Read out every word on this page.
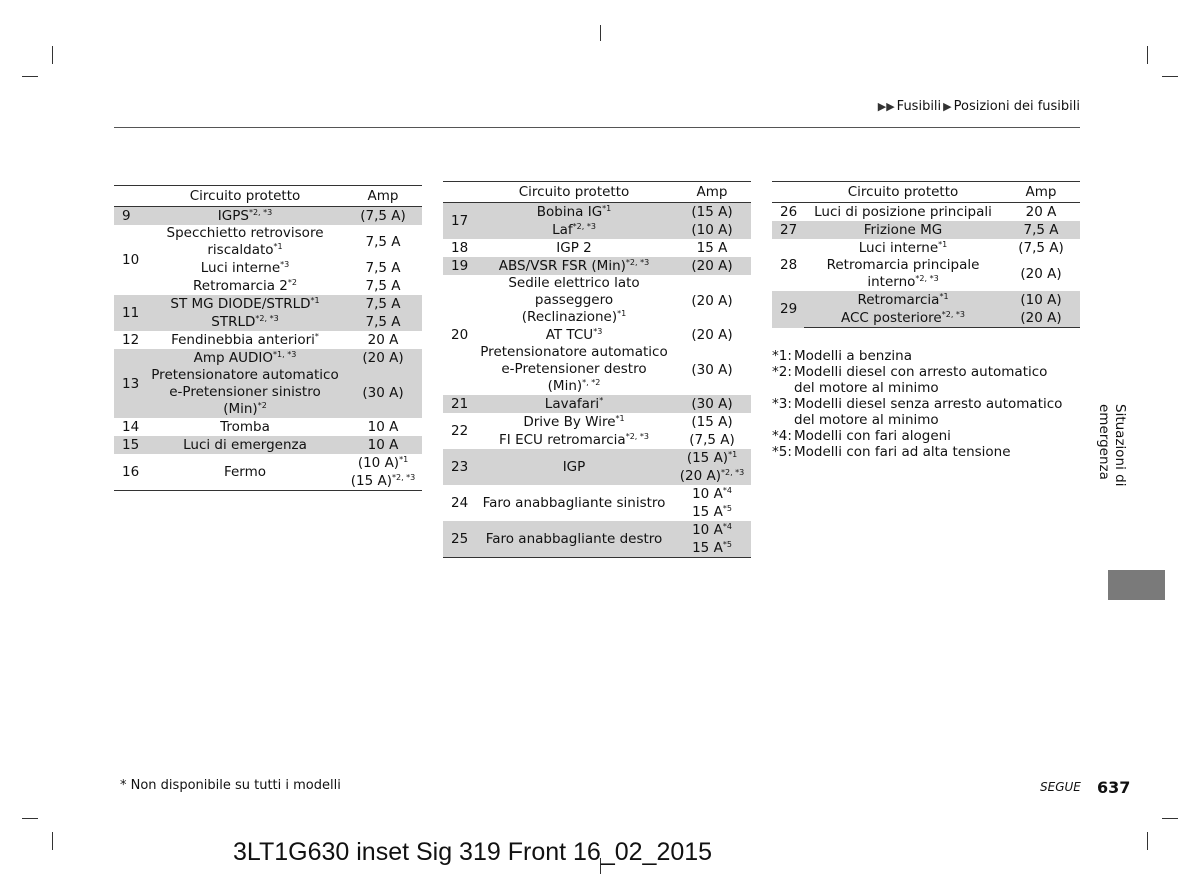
▶▶ Fusibili ▶ Posizioni dei fusibili
	Circuito protetto	Amp
9	$IGPS^{*2, *3}$	(7,5 A)
10	Specchietto retrovisore riscaldato$^{*1}$	7,5 A
	Luci interne$^{*3}$	7,5 A
	Retromarcia 2$^{*2}$	7,5 A
11	ST MG DIODE/STRLD$^{*1}$	7,5 A
	$STRLD^{*2, *3}$	7,5 A
12	Fendinebbia anteriori*	20 A
13	Amp $AUDIO^{*1, *3}$	(20 A)
	Pretensionatore automatico e-Pretensioner sinistro (Min)$^{*2}$	(30 A)
14	Tromba	10 A
15	Luci di emergenza	10 A
16	Fermo	(10 A)$^{*1}$
(15 A)$^{*2, *3}$
	Circuito protetto	Amp
17	Bobina IG$^{*1}$	(15 A)
	Laf$^{*2, *3}$	(10 A)
18	IGP 2	15 A
19	ABS/VSR FSR (Min)$^{*2, *3}$	(20 A)
20	Sedile elettrico lato passeggero (Reclinazione)$^{*1}$	(20 A)
	AT TCU$^{*3}$	(20 A)
	Pretensionatore automatico e-Pretensioner destro (Min)$^{*, *2}$	(30 A)
21	Lavafari*	(30 A)
22	Drive By Wire$^{*1}$	(15 A)
	FI ECU retromarcia$^{*2, *3}$	(7,5 A)
23	IGP	(15 A)$^{*1}$
(20 A)$^{*2, *3}$
24	Faro anabbagliante sinistro	10 $A^{*4}$
15 $A^{*5}$
25	Faro anabbagliante destro	10 $A^{*4}$
15 $A^{*5}$
	Circuito protetto	Amp
26	Luci di posizione principali	20 A
27	Frizione MG	7,5 A
28	Luci interne$^{*1}$	(7,5 A)
	Retromarcia principale interno$^{*2, *3}$	(20 A)
29	Retromarcia$^{*1}$	(10 A)
	ACC posteriore$^{*2, *3}$	(20 A)
*1: Modelli a benzina
*2: Modelli diesel con arresto automatico del motore al minimo
*3: Modelli diesel senza arresto automatico del motore al minimo
*4: Modelli con fari alogeni
*5: Modelli con fari ad alta tensione	Situazioni di emergenza
* Non disponibile su tutti i modelli	SEGUE 637
3LT1G630 inset Sig 319 Front 16_02_2015
